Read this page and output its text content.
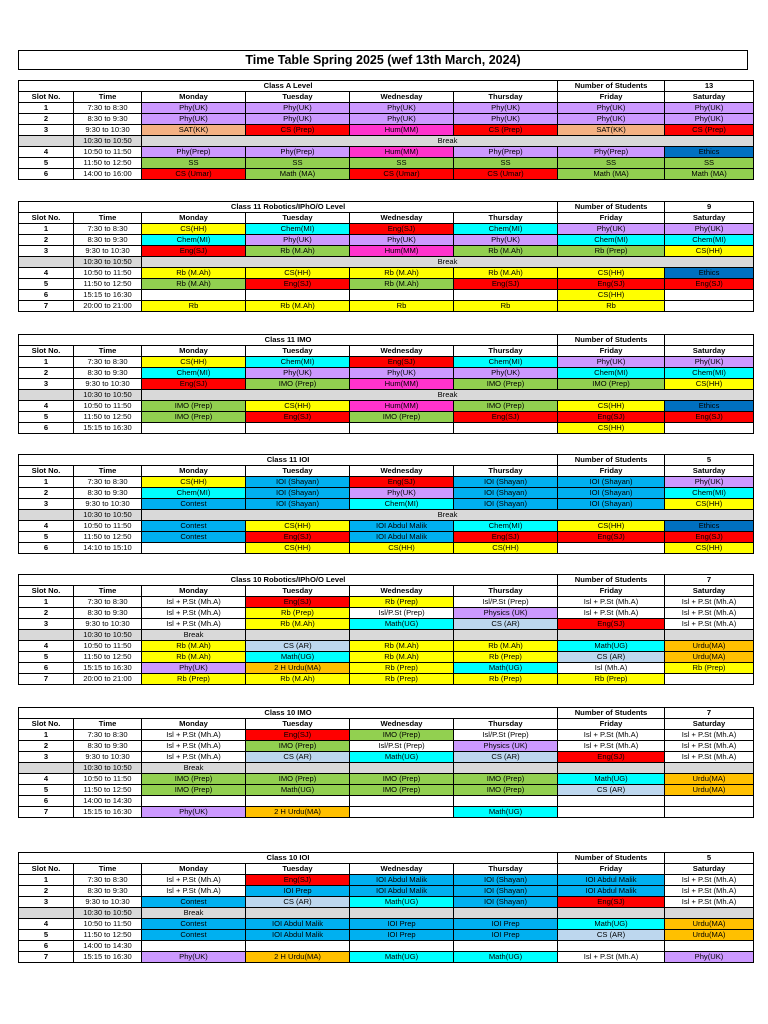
Time Table Spring 2025 (wef 13th March, 2024)
Class A Level						Number of Students	13
Slot No.	Time	Monday	Tuesday	Wednesday	Thursday	Friday	Saturday
1	7:30 to 8:30	Phy(UK)	Phy(UK)	Phy(UK)	Phy(UK)	Phy(UK)	Phy(UK)
2	8:30 to 9:30	Phy(UK)	Phy(UK)	Phy(UK)	Phy(UK)	Phy(UK)	Phy(UK)
3	9:30 to 10:30	SAT(KK)	CS (Prep)	Hum(MM)	CS (Prep)	SAT(KK)	CS (Prep)
	10:30 to 10:50	Break					
4	10:50 to 11:50	Phy(Prep)	Phy(Prep)	Hum(MM)	Phy(Prep)	Phy(Prep)	Ethics
5	11:50 to 12:50	SS	SS	SS	SS	SS	SS
6	14:00 to 16:00	CS (Umar)	Math (MA)	CS (Umar)	CS (Umar)	Math (MA)	Math (MA)
Class 11 Robotics/IPhO/O Level						Number of Students	9
Slot No.	Time	Monday	Tuesday	Wednesday	Thursday	Friday	Saturday
1	7:30 to 8:30	CS(HH)	Chem(MI)	Eng(SJ)	Chem(MI)	Phy(UK)	Phy(UK)
2	8:30 to 9:30	Chem(MI)	Phy(UK)	Phy(UK)	Phy(UK)	Chem(MI)	Chem(MI)
3	9:30 to 10:30	Eng(SJ)	Rb (M.Ah)	Hum(MM)	Rb (M.Ah)	Rb (Prep)	CS(HH)
	10:30 to 10:50	Break					
4	10:50 to 11:50	Rb (M.Ah)	CS(HH)	Rb (M.Ah)	Rb (M.Ah)	CS(HH)	Ethics
5	11:50 to 12:50	Rb (M.Ah)	Eng(SJ)	Rb (M.Ah)	Eng(SJ)	Eng(SJ)	Eng(SJ)
6	15:15 to 16:30					CS(HH)	
7	20:00 to 21:00	Rb	Rb (M.Ah)	Rb	Rb	Rb	
Class 11 IMO						Number of Students	
Slot No.	Time	Monday	Tuesday	Wednesday	Thursday	Friday	Saturday
1	7:30 to 8:30	CS(HH)	Chem(MI)	Eng(SJ)	Chem(MI)	Phy(UK)	Phy(UK)
2	8:30 to 9:30	Chem(MI)	Phy(UK)	Phy(UK)	Phy(UK)	Chem(MI)	Chem(MI)
3	9:30 to 10:30	Eng(SJ)	IMO (Prep)	Hum(MM)	IMO (Prep)	IMO (Prep)	CS(HH)
	10:30 to 10:50	Break					
4	10:50 to 11:50	IMO (Prep)	CS(HH)	Hum(MM)	IMO (Prep)	CS(HH)	Ethics
5	11:50 to 12:50	IMO (Prep)	Eng(SJ)	IMO (Prep)	Eng(SJ)	Eng(SJ)	Eng(SJ)
6	15:15 to 16:30					CS(HH)	
Class 11 IOI						Number of Students	5
Slot No.	Time	Monday	Tuesday	Wednesday	Thursday	Friday	Saturday
1	7:30 to 8:30	CS(HH)	IOI (Shayan)	Eng(SJ)	IOI (Shayan)	IOI (Shayan)	Phy(UK)
2	8:30 to 9:30	Chem(MI)	IOI (Shayan)	Phy(UK)	IOI (Shayan)	IOI (Shayan)	Chem(MI)
3	9:30 to 10:30	Contest	IOI (Shayan)	Chem(MI)	IOI (Shayan)	IOI (Shayan)	CS(HH)
	10:30 to 10:50	Break					
4	10:50 to 11:50	Contest	CS(HH)	IOI Abdul Malik	Chem(MI)	CS(HH)	Ethics
5	11:50 to 12:50	Contest	Eng(SJ)	IOI Abdul Malik	Eng(SJ)	Eng(SJ)	Eng(SJ)
6	14:10 to 15:10		CS(HH)	CS(HH)	CS(HH)		CS(HH)
Class 10 Robotics/IPhO/O Level						Number of Students	7
Slot No.	Time	Monday	Tuesday	Wednesday	Thursday	Friday	Saturday
1	7:30 to 8:30	Isl + P.St (Mh.A)	Eng(SJ)	Rb (Prep)	Isl/P.St (Prep)	Isl + P.St (Mh.A)	Isl + P.St (Mh.A)
2	8:30 to 9:30	Isl + P.St (Mh.A)	Rb (Prep)	Isl/P.St (Prep)	Physics (UK)	Isl + P.St (Mh.A)	Isl + P.St (Mh.A)
3	9:30 to 10:30	Isl + P.St (Mh.A)	Rb (M.Ah)	Math(UG)	CS (AR)	Eng(SJ)	Isl + P.St (Mh.A)
	10:30 to 10:50	Break					
4	10:50 to 11:50	Rb (M.Ah)	CS (AR)	Rb (M.Ah)	Rb (M.Ah)	Math(UG)	Urdu(MA)
5	11:50 to 12:50	Rb (M.Ah)	Math(UG)	Rb (M.Ah)	Rb (Prep)	CS (AR)	Urdu(MA)
6	15:15 to 16:30	Phy(UK)	2 H Urdu(MA)	Rb (Prep)	Math(UG)	Isl (Mh.A)	Rb (Prep)
7	20:00 to 21:00	Rb (Prep)	Rb (M.Ah)	Rb (Prep)	Rb (Prep)	Rb (Prep)	
Class 10 IMO						Number of Students	7
Slot No.	Time	Monday	Tuesday	Wednesday	Thursday	Friday	Saturday
1	7:30 to 8:30	Isl + P.St (Mh.A)	Eng(SJ)	IMO (Prep)	Isl/P.St (Prep)	Isl + P.St (Mh.A)	Isl + P.St (Mh.A)
2	8:30 to 9:30	Isl + P.St (Mh.A)	IMO (Prep)	Isl/P.St (Prep)	Physics (UK)	Isl + P.St (Mh.A)	Isl + P.St (Mh.A)
3	9:30 to 10:30	Isl + P.St (Mh.A)	CS (AR)	Math(UG)	CS (AR)	Eng(SJ)	Isl + P.St (Mh.A)
	10:30 to 10:50	Break					
4	10:50 to 11:50	IMO (Prep)	IMO (Prep)	IMO (Prep)	IMO (Prep)	Math(UG)	Urdu(MA)
5	11:50 to 12:50	IMO (Prep)	Math(UG)	IMO (Prep)	IMO (Prep)	CS (AR)	Urdu(MA)
6	14:00 to 14:30						
7	15:15 to 16:30	Phy(UK)	2 H Urdu(MA)		Math(UG)		
Class 10 IOI						Number of Students	5
Slot No.	Time	Monday	Tuesday	Wednesday	Thursday	Friday	Saturday
1	7:30 to 8:30	Isl + P.St (Mh.A)	Eng(SJ)	IOI Abdul Malik	IOI (Shayan)	IOI Abdul Malik	Isl + P.St (Mh.A)
2	8:30 to 9:30	Isl + P.St (Mh.A)	IOI Prep	IOI Abdul Malik	IOI (Shayan)	IOI Abdul Malik	Isl + P.St (Mh.A)
3	9:30 to 10:30	Contest	CS (AR)	Math(UG)	IOI (Shayan)	Eng(SJ)	Isl + P.St (Mh.A)
	10:30 to 10:50	Break					
4	10:50 to 11:50	Contest	IOI Abdul Malik	IOI Prep	IOI Prep	Math(UG)	Urdu(MA)
5	11:50 to 12:50	Contest	IOI Abdul Malik	IOI Prep	IOI Prep	CS (AR)	Urdu(MA)
6	14:00 to 14:30						
7	15:15 to 16:30	Phy(UK)	2 H Urdu(MA)	Math(UG)	Math(UG)	Isl + P.St (Mh.A)	Phy(UK)
